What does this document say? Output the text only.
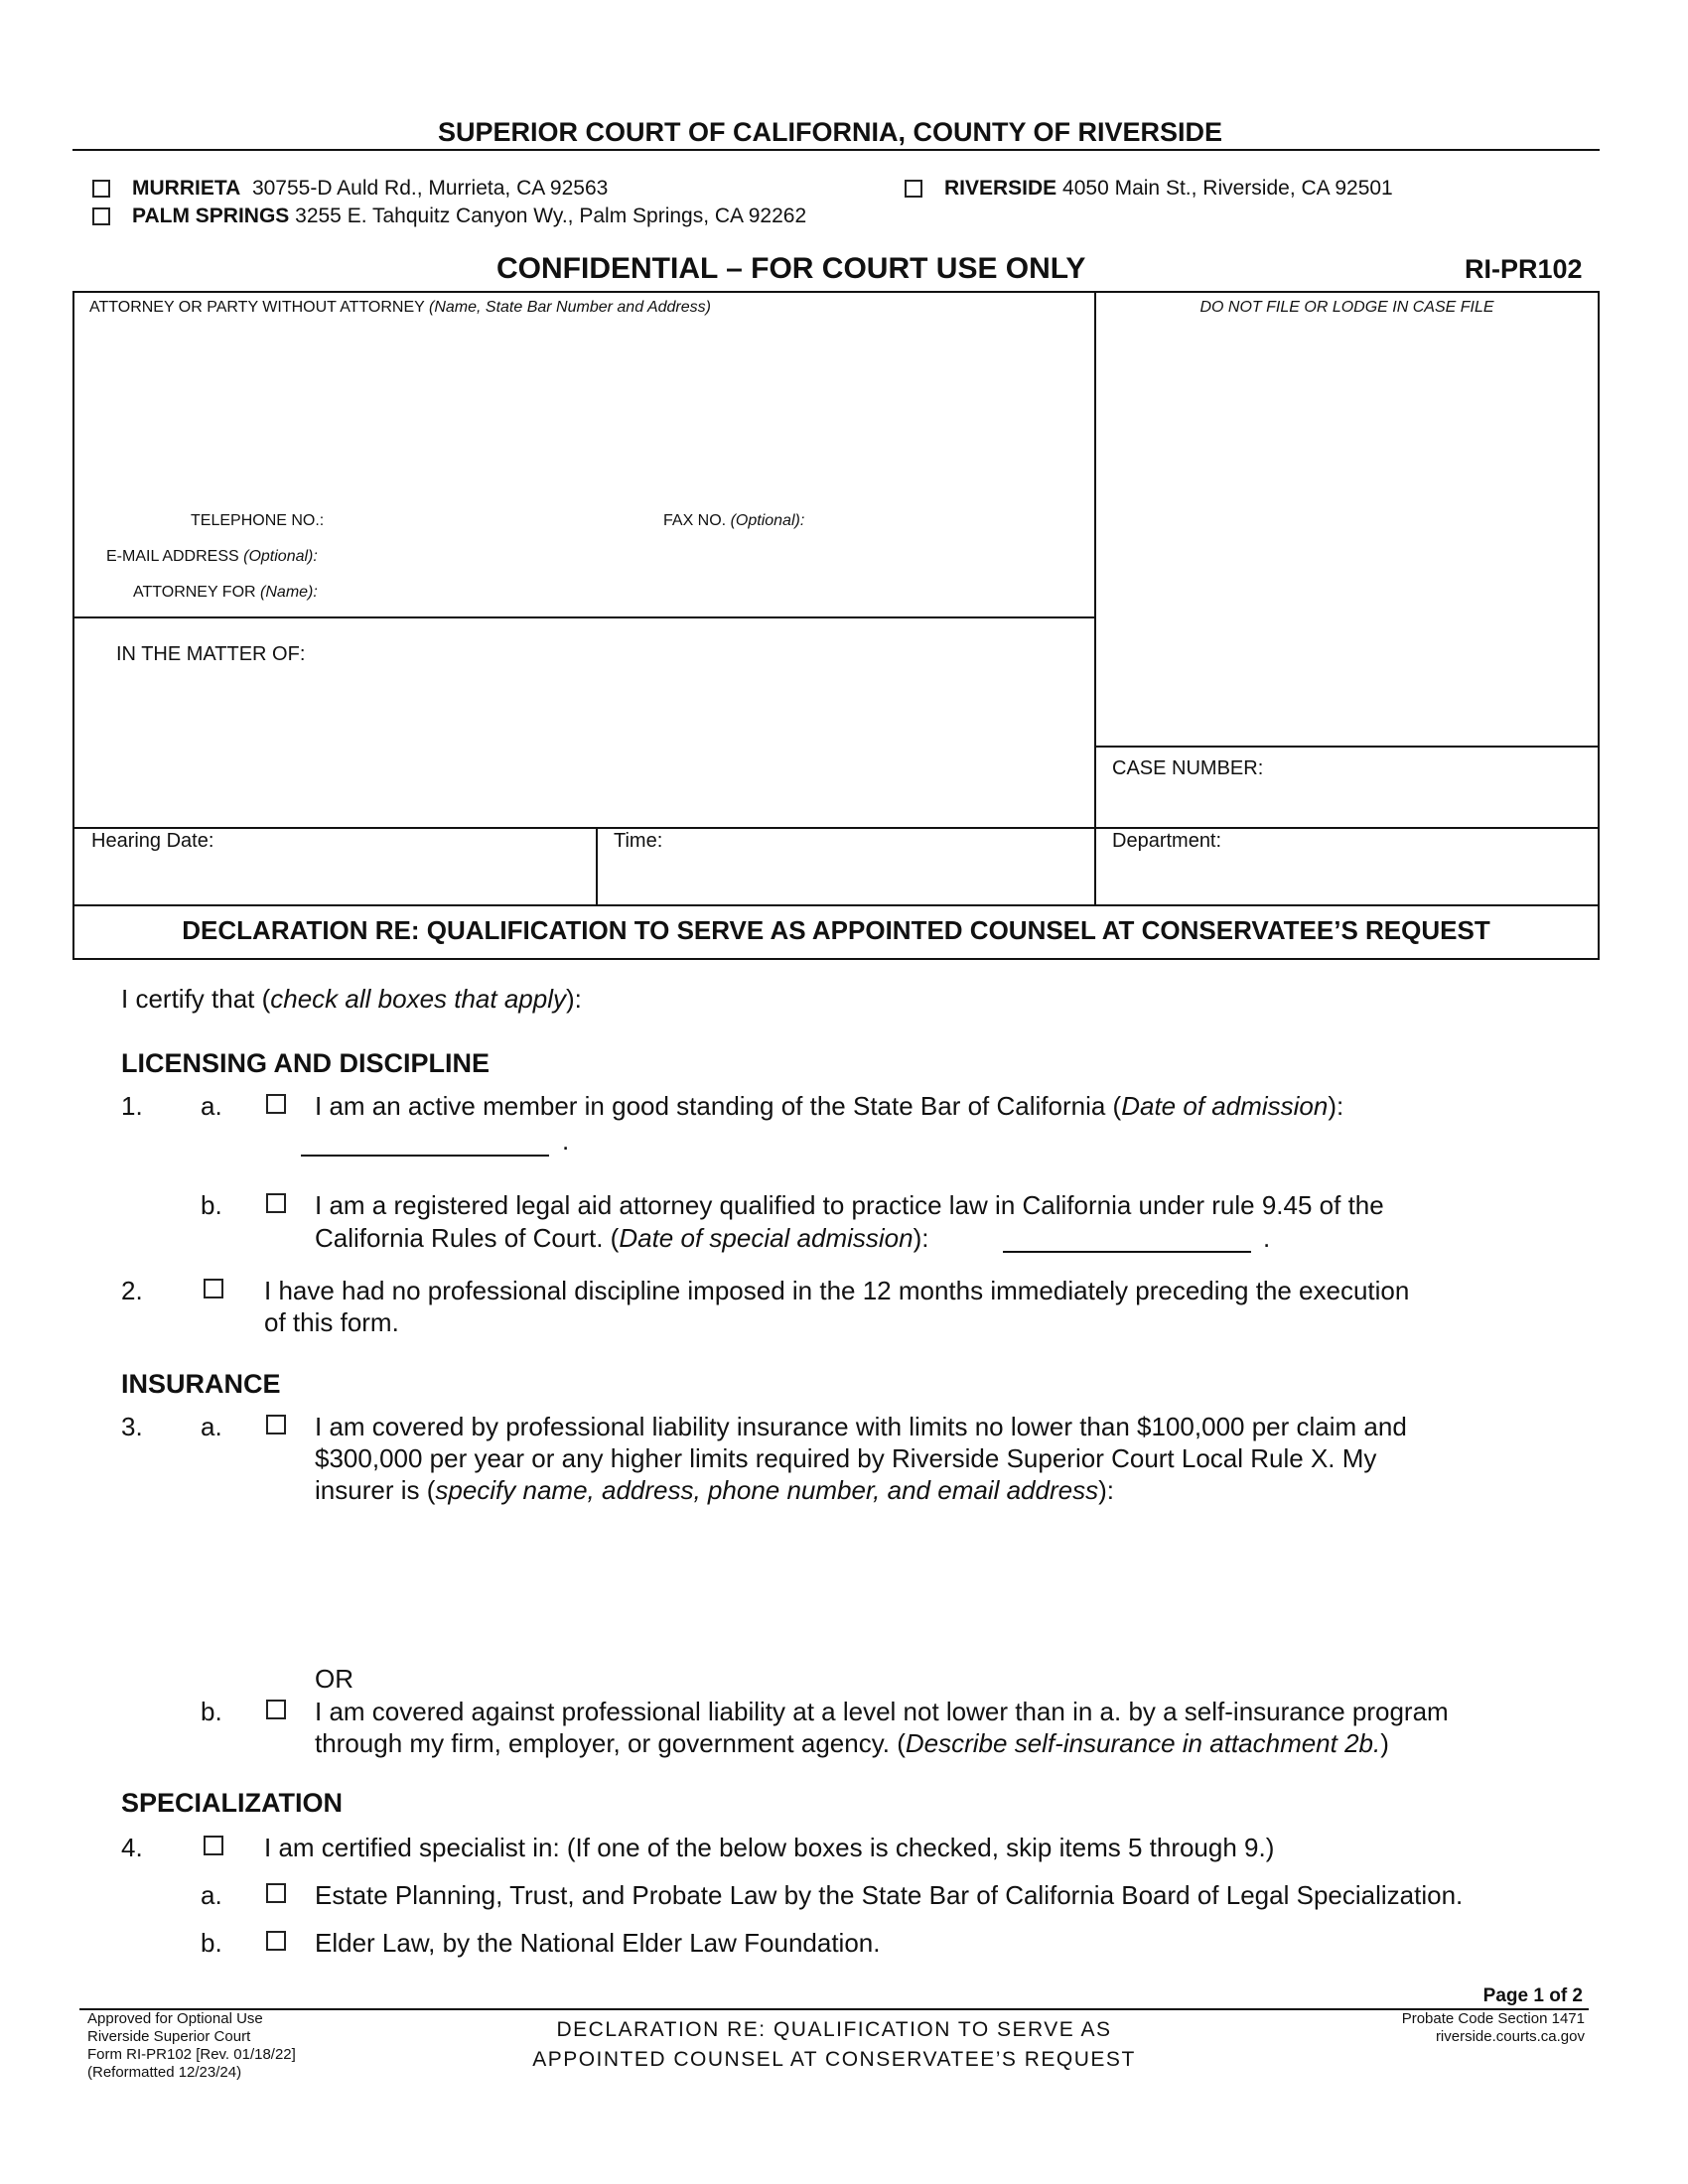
SUPERIOR COURT OF CALIFORNIA, COUNTY OF RIVERSIDE
MURRIETA 30755-D Auld Rd., Murrieta, CA 92563
PALM SPRINGS 3255 E. Tahquitz Canyon Wy., Palm Springs, CA 92262
RIVERSIDE 4050 Main St., Riverside, CA 92501
CONFIDENTIAL – FOR COURT USE ONLY	RI-PR102
ATTORNEY OR PARTY WITHOUT ATTORNEY (Name, State Bar Number and Address)	DO NOT FILE OR LODGE IN CASE FILE
TELEPHONE NO.:	FAX NO. (Optional):
E-MAIL ADDRESS (Optional):
ATTORNEY FOR (Name):
IN THE MATTER OF:
CASE NUMBER:
Hearing Date:	Time:	Department:
DECLARATION RE: QUALIFICATION TO SERVE AS APPOINTED COUNSEL AT CONSERVATEE’S REQUEST
I certify that (check all boxes that apply):
LICENSING AND DISCIPLINE
1. a.	I am an active member in good standing of the State Bar of California (Date of admission):
.
b.	I am a registered legal aid attorney qualified to practice law in California under rule 9.45 of the
California Rules of Court. (Date of special admission):	.
2.	I have had no professional discipline imposed in the 12 months immediately preceding the execution
of this form.
INSURANCE
3. a.	I am covered by professional liability insurance with limits no lower than $100,000 per claim and
$300,000 per year or any higher limits required by Riverside Superior Court Local Rule X. My
insurer is (specify name, address, phone number, and email address):
OR
b.	I am covered against professional liability at a level not lower than in a. by a self-insurance program
through my firm, employer, or government agency. (Describe self-insurance in attachment 2b.)
SPECIALIZATION
4.	I am certified specialist in: (If one of the below boxes is checked, skip items 5 through 9.)
a.	Estate Planning, Trust, and Probate Law by the State Bar of California Board of Legal Specialization.
b.	Elder Law, by the National Elder Law Foundation.
Page 1 of 2
Approved for Optional Use
Riverside Superior Court
Form RI-PR102 [Rev. 01/18/22]
(Reformatted 12/23/24)
DECLARATION RE: QUALIFICATION TO SERVE AS
APPOINTED COUNSEL AT CONSERVATEE’S REQUEST
Probate Code Section 1471
riverside.courts.ca.gov
